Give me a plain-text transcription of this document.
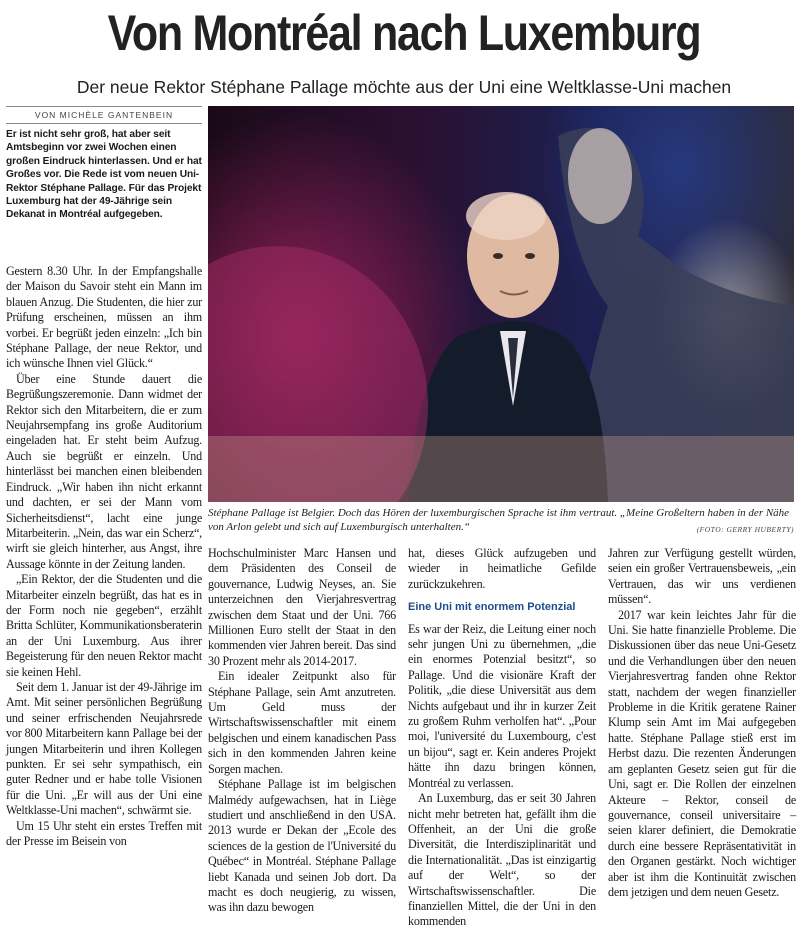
Von Montréal nach Luxemburg
Der neue Rektor Stéphane Pallage möchte aus der Uni eine Weltklasse-Uni machen
VON MICHÈLE GANTENBEIN
Er ist nicht sehr groß, hat aber seit Amtsbeginn vor zwei Wochen einen großen Eindruck hinterlassen. Und er hat Großes vor. Die Rede ist vom neuen Uni-Rektor Stéphane Pallage. Für das Projekt Luxemburg hat der 49-Jährige sein Dekanat in Montréal aufgegeben.
Stéphane Pallage ist Belgier. Doch das Hören der luxemburgischen Sprache ist ihm vertraut. „Meine Großeltern haben in der Nähe von Arlon gelebt und sich auf Luxemburgisch unterhalten.“	(FOTO: GERRY HUBERTY)

Gestern 8.30 Uhr. In der Empfangshalle der Maison du Savoir steht ein Mann im blauen Anzug. Die Studenten, die hier zur Prüfung erscheinen, müssen an ihm vorbei. Er begrüßt jeden einzeln: „Ich bin Stéphane Pallage, der neue Rektor, und ich wünsche Ihnen viel Glück.“

Über eine Stunde dauert die Begrüßungszeremonie. Dann widmet der Rektor sich den Mitarbeitern, die er zum Neujahrsempfang ins große Auditorium eingeladen hat. Er steht beim Aufzug. Auch sie begrüßt er einzeln. Und hinterlässt bei manchen einen bleibenden Eindruck. „Wir haben ihn nicht erkannt und dachten, er sei der Mann vom Sicherheitsdienst“, lacht eine junge Mitarbeiterin. „Nein, das war ein Scherz“, wirft sie gleich hinterher, aus Angst, ihre Aussage könnte in der Zeitung landen.

„Ein Rektor, der die Studenten und die Mitarbeiter einzeln begrüßt, das hat es in der Form noch nie gegeben“, erzählt Britta Schlüter, Kommunikationsberaterin an der Uni Luxemburg. Aus ihrer Begeisterung für den neuen Rektor macht sie keinen Hehl.

Seit dem 1. Januar ist der 49-Jährige im Amt. Mit seiner persönlichen Begrüßung und seiner erfrischenden Neujahrsrede vor 800 Mitarbeitern kann Pallage bei der jungen Mitarbeiterin und ihren Kollegen punkten. Er sei sehr sympathisch, ein guter Redner und er habe tolle Visionen für die Uni. „Er will aus der Uni eine Weltklasse-Uni machen“, schwärmt sie.

Um 15 Uhr steht ein erstes Treffen mit der Presse im Beisein von

Hochschulminister Marc Hansen und dem Präsidenten des Conseil de gouvernance, Ludwig Neyses, an. Sie unterzeichnen den Vierjahresvertrag zwischen dem Staat und der Uni. 766 Millionen Euro stellt der Staat in den kommenden vier Jahren bereit. Das sind 30 Prozent mehr als 2014-2017.

Ein idealer Zeitpunkt also für Stéphane Pallage, sein Amt anzutreten. Um Geld muss der Wirtschaftswissenschaftler mit einem belgischen und einem kanadischen Pass sich in den kommenden Jahren keine Sorgen machen.

Stéphane Pallage ist im belgischen Malmédy aufgewachsen, hat in Liège studiert und anschließend in den USA. 2013 wurde er Dekan der „Ecole des sciences de la gestion de l'Université du Québec“ in Montréal. Stéphane Pallage liebt Kanada und seinen Job dort. Da macht es doch neugierig, zu wissen, was ihn dazu bewogen

hat, dieses Glück aufzugeben und wieder in heimatliche Gefilde zurückzukehren.

Eine Uni mit enormem Potenzial

Es war der Reiz, die Leitung einer noch sehr jungen Uni zu übernehmen, „die ein enormes Potenzial besitzt“, so Pallage. Und die visionäre Kraft der Politik, „die diese Universität aus dem Nichts aufgebaut und ihr in kurzer Zeit zu großem Ruhm verholfen hat“. „Pour moi, l'université du Luxembourg, c'est un bijou“, sagt er. Kein anderes Projekt hätte ihn dazu bringen können, Montréal zu verlassen.

An Luxemburg, das er seit 30 Jahren nicht mehr betreten hat, gefällt ihm die Offenheit, an der Uni die große Diversität, die Interdisziplinarität und die Internationalität. „Das ist einzigartig auf der Welt“, so der Wirtschaftswissenschaftler. Die finanziellen Mittel, die der Uni in den kommenden

Jahren zur Verfügung gestellt würden, seien ein großer Vertrauensbeweis, „ein Vertrauen, das wir uns verdienen müssen“.

2017 war kein leichtes Jahr für die Uni. Sie hatte finanzielle Probleme. Die Diskussionen über das neue Uni-Gesetz und die Verhandlungen über den neuen Vierjahresvertrag fanden ohne Rektor statt, nachdem der wegen finanzieller Probleme in die Kritik geratene Rainer Klump sein Amt im Mai aufgegeben hatte. Stéphane Pallage stieß erst im Herbst dazu. Die rezenten Änderungen am geplanten Gesetz seien gut für die Uni, sagt er. Die Rollen der einzelnen Akteure – Rektor, conseil de gouvernance, conseil universitaire – seien klarer definiert, die Demokratie durch eine bessere Repräsentativität in den Organen gestärkt. Noch wichtiger aber ist ihm die Kontinuität zwischen dem jetzigen und dem neuen Gesetz.
